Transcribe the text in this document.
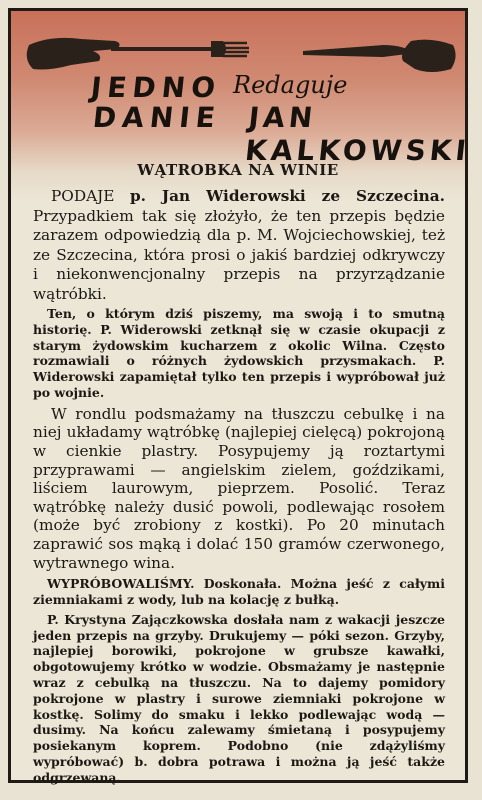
JEDNO Redaguje
DANIE JAN KALKOWSKI
WĄTROBKA NA WINIE

PODAJE p. Jan Widerowski ze Szczecina. Przypadkiem tak się złożyło, że ten przepis będzie zarazem odpowiedzią dla p. M. Wojciechowskiej, też ze Szczecina, która prosi o jakiś bardziej odkrywczy i niekonwencjonalny przepis na przyrządzanie wątróbki.

Ten, o którym dziś piszemy, ma swoją i to smutną historię. P. Widerowski zetknął się w czasie okupacji z starym żydowskim kucharzem z okolic Wilna. Często rozmawiali o różnych żydowskich przysmakach. P. Widerowski zapamiętał tylko ten przepis i wypróbował już po wojnie.

W rondlu podsmażamy na tłuszczu cebulkę i na niej układamy wątróbkę (najlepiej cielęcą) pokrojoną w cienkie plastry. Posypujemy ją roztartymi przyprawami — angielskim zielem, goździkami, liściem laurowym, pieprzem. Posolić. Teraz wątróbkę należy dusić powoli, podlewając rosołem (może być zrobiony z kostki). Po 20 minutach zaprawić sos mąką i dolać 150 gramów czerwonego, wytrawnego wina.

WYPRÓBOWALIŚMY. Doskonała. Można jeść z całymi ziemniakami z wody, lub na kolację z bułką.

P. Krystyna Zajączkowska dosłała nam z wakacji jeszcze jeden przepis na grzyby. Drukujemy — póki sezon. Grzyby, najlepiej borowiki, pokrojone w grubsze kawałki, obgotowujemy krótko w wodzie. Obsmażamy je następnie wraz z cebulką na tłuszczu. Na to dajemy pomidory pokrojone w plastry i surowe ziemniaki pokrojone w kostkę. Solimy do smaku i lekko podlewając wodą — dusimy. Na końcu zalewamy śmietaną i posypujemy posiekanym koprem. Podobno (nie zdążyliśmy wypróbować) b. dobra potrawa i można ją jeść także odgrzewaną.
